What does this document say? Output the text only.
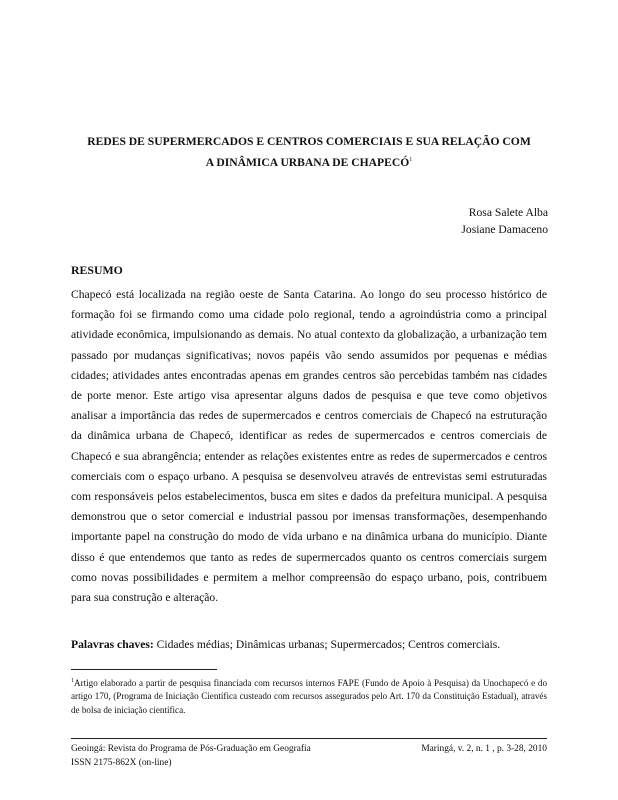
REDES DE SUPERMERCADOS E CENTROS COMERCIAIS E SUA RELAÇÃO COM
A DINÂMICA URBANA DE CHAPECÓ$^1$
Rosa Salete Alba
Josiane Damaceno
RESUMO

Chapecó está localizada na região oeste de Santa Catarina. Ao longo do seu processo histórico de formação foi se firmando como uma cidade polo regional, tendo a agroindústria como a principal atividade econômica, impulsionando as demais. No atual contexto da globalização, a urbanização tem passado por mudanças significativas; novos papéis vão sendo assumidos por pequenas e médias cidades; atividades antes encontradas apenas em grandes centros são percebidas também nas cidades de porte menor. Este artigo visa apresentar alguns dados de pesquisa e que teve como objetivos analisar a importância das redes de supermercados e centros comerciais de Chapecó na estruturação da dinâmica urbana de Chapecó, identificar as redes de supermercados e centros comerciais de Chapecó e sua abrangência; entender as relações existentes entre as redes de supermercados e centros comerciais com o espaço urbano. A pesquisa se desenvolveu através de entrevistas semi estruturadas com responsáveis pelos estabelecimentos, busca em sites e dados da prefeitura municipal. A pesquisa demonstrou que o setor comercial e industrial passou por imensas transformações, desempenhando importante papel na construção do modo de vida urbano e na dinâmica urbana do município. Diante disso é que entendemos que tanto as redes de supermercados quanto os centros comerciais surgem como novas possibilidades e permitem a melhor compreensão do espaço urbano, pois, contribuem para sua construção e alteração.

Palavras chaves: Cidades médias; Dinâmicas urbanas; Supermercados; Centros comerciais.

$^1$Artigo elaborado a partir de pesquisa financiada com recursos internos FAPE (Fundo de Apoio à Pesquisa) da Unochapecó e do artigo 170, (Programa de Iniciação Científica custeado com recursos assegurados pelo Art. 170 da Constituição Estadual), através de bolsa de iniciação científica.

Geoingá: Revista do Programa de Pós-Graduação em Geografia
ISSN 2175-862X (on-line)
Maringá, v. 2, n. 1 , p. 3-28, 2010
